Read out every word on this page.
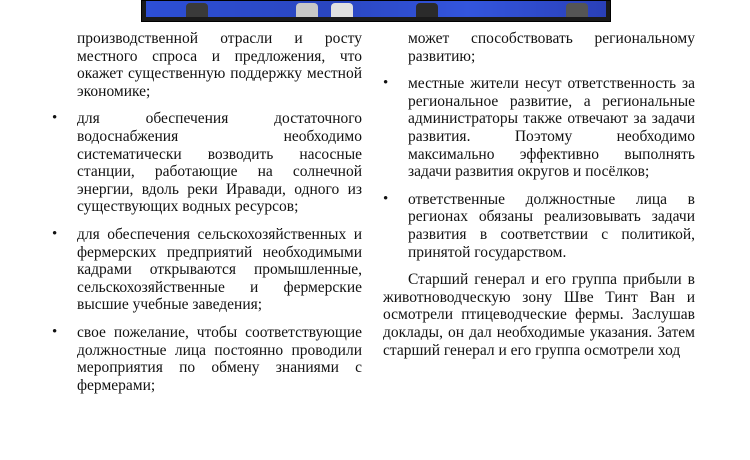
производственной отрасли и росту местного спроса и предложения, что окажет существенную поддержку местной экономике;
•	для обеспечения достаточного водоснабжения необходимо систематически возводить насосные станции, работающие на солнечной энергии, вдоль реки Иравади, одного из существующих водных ресурсов;
•	для обеспечения сельскохозяйственных и фермерских предприятий необходимыми кадрами открываются промышленные, сельскохозяйственные и фермерские высшие учебные заведения;
•	свое пожелание, чтобы соответствующие должностные лица постоянно проводили мероприятия по обмену знаниями с фермерами;
может способствовать региональному развитию;
•	местные жители несут ответственность за региональное развитие, а региональные администраторы также отвечают за задачи развития. Поэтому необходимо максимально эффективно выполнять задачи развития округов и посёлков;
•	ответственные должностные лица в регионах обязаны реализовывать задачи развития в соответствии с политикой, принятой государством.
Старший генерал и его группа прибыли в животноводческую зону Шве Тинт Ван и осмотрели птицеводческие фермы. Заслушав доклады, он дал необходимые указания. Затем старший генерал и его группа осмотрели ход
